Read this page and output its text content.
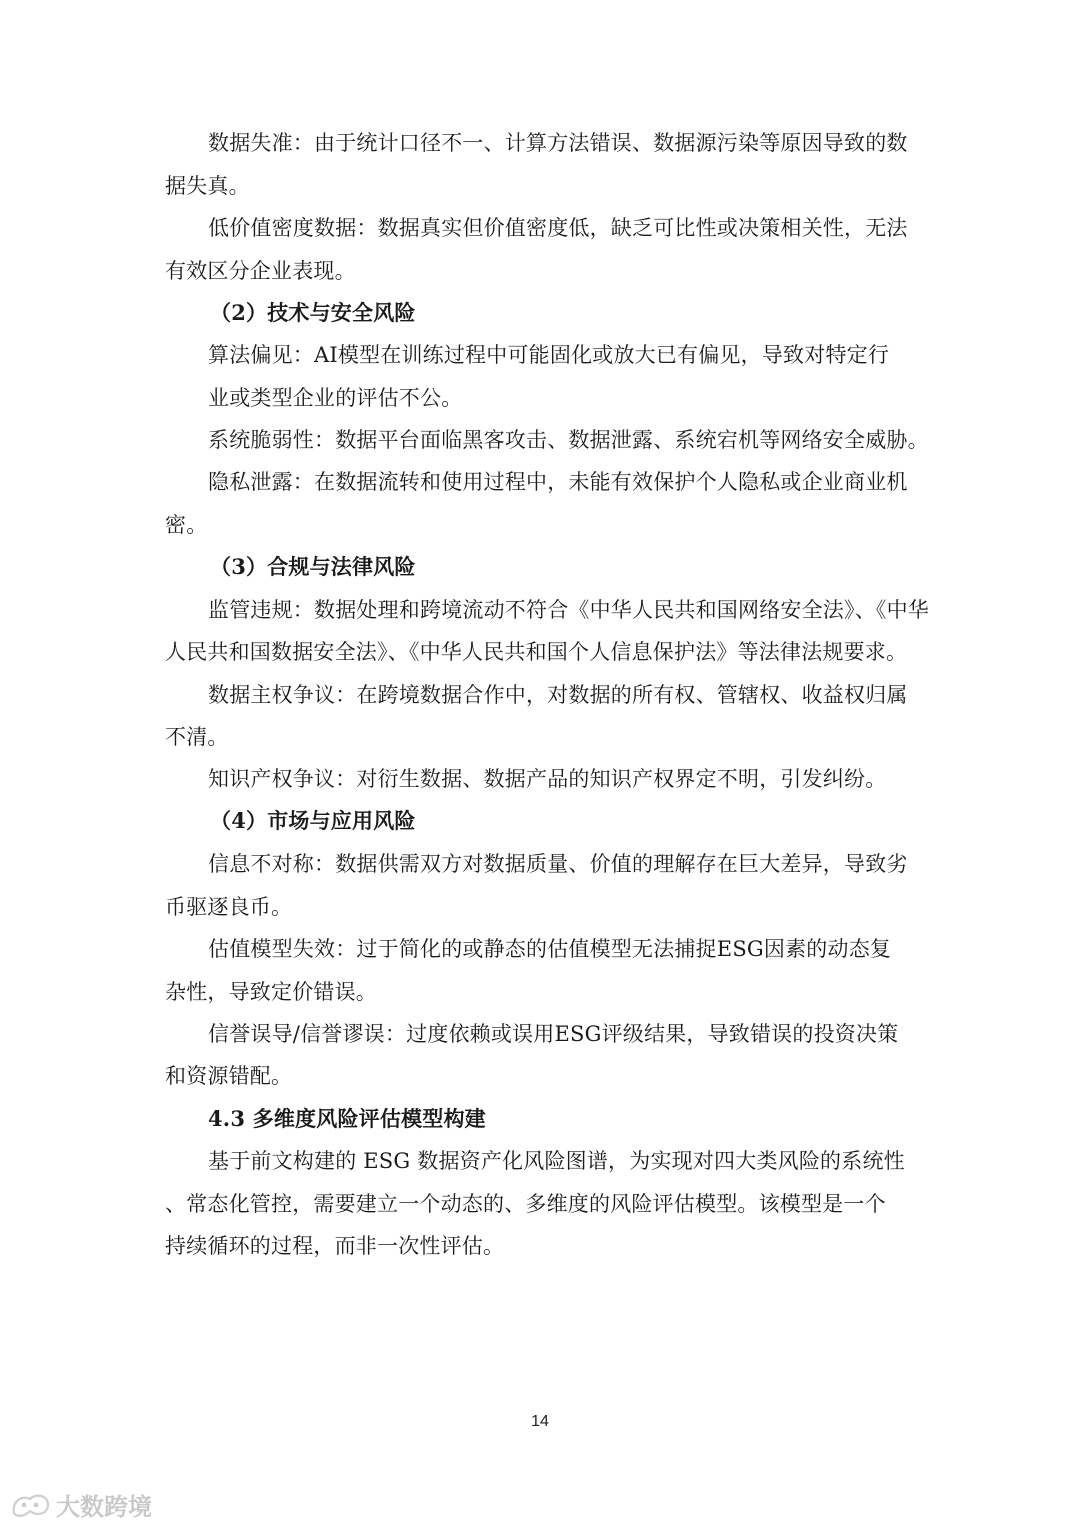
数据失准：由于统计口径不一、计算方法错误、数据源污染等原因导致的数
据失真。
低价值密度数据：数据真实但价值密度低，缺乏可比性或决策相关性，无法
有效区分企业表现。
（2）技术与安全风险
算法偏见：AI模型在训练过程中可能固化或放大已有偏见，导致对特定行
业或类型企业的评估不公。
系统脆弱性：数据平台面临黑客攻击、数据泄露、系统宕机等网络安全威胁。
隐私泄露：在数据流转和使用过程中，未能有效保护个人隐私或企业商业机
密。
（3）合规与法律风险
监管违规：数据处理和跨境流动不符合《中华人民共和国网络安全法》、《中华
人民共和国数据安全法》、《中华人民共和国个人信息保护法》等法律法规要求。
数据主权争议：在跨境数据合作中，对数据的所有权、管辖权、收益权归属
不清。
知识产权争议：对衍生数据、数据产品的知识产权界定不明，引发纠纷。
（4）市场与应用风险
信息不对称：数据供需双方对数据质量、价值的理解存在巨大差异，导致劣
币驱逐良币。
估值模型失效：过于简化的或静态的估值模型无法捕捉ESG因素的动态复
杂性，导致定价错误。
信誉误导/信誉谬误：过度依赖或误用ESG评级结果，导致错误的投资决策
和资源错配。
4.3 多维度风险评估模型构建
基于前文构建的 ESG 数据资产化风险图谱，为实现对四大类风险的系统性
、常态化管控，需要建立一个动态的、多维度的风险评估模型。该模型是一个
持续循环的过程，而非一次性评估。
14
大数跨境
